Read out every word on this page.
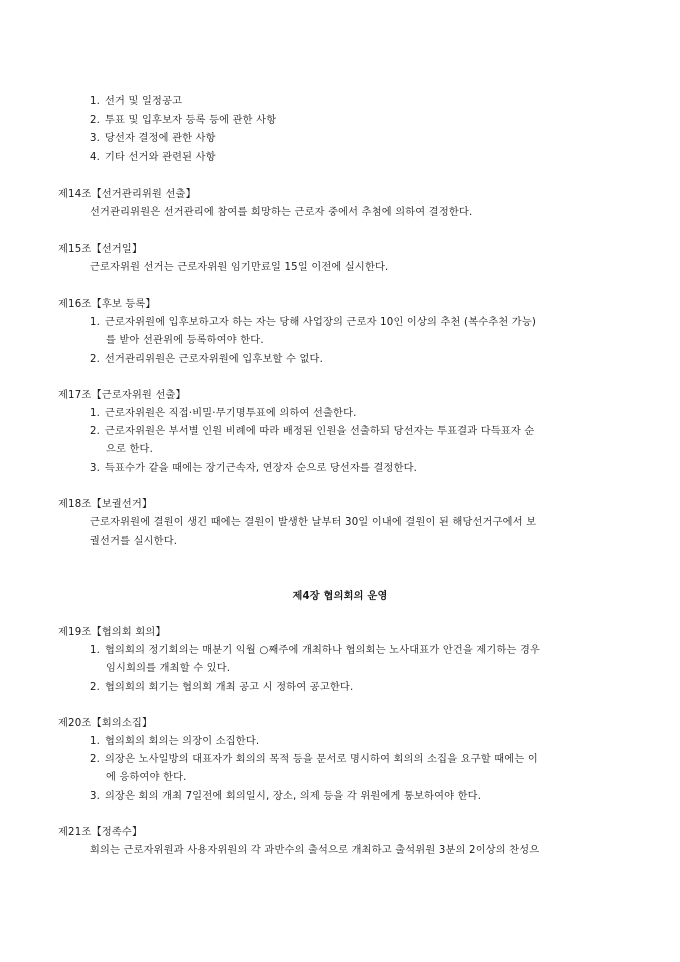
1. 선거 및 일정공고
2. 투표 및 입후보자 등록 등에 관한 사항
3. 당선자 결정에 관한 사항
4. 기타 선거와 관련된 사항
제14조【선거관리위원 선출】
선거관리위원은 선거관리에 참여를 희망하는 근로자 중에서 추첨에 의하여 결정한다.
제15조【선거일】
근로자위원 선거는 근로자위원 임기만료일 15일 이전에 실시한다.
제16조【후보 등록】
1. 근로자위원에 입후보하고자 하는 자는 당해 사업장의 근로자 10인 이상의 추천 (복수추천 가능)
를 받아 선관위에 등록하여야 한다.
2. 선거관리위원은 근로자위원에 입후보할 수 없다.
제17조【근로자위원 선출】
1. 근로자위원은 직접·비밀·무기명투표에 의하여 선출한다.
2. 근로자위원은 부서별 인원 비례에 따라 배정된 인원을 선출하되 당선자는 투표결과 다득표자 순
으로 한다.
3. 득표수가 같을 때에는 장기근속자, 연장자 순으로 당선자를 결정한다.
제18조【보궐선거】
근로자위원에 결원이 생긴 때에는 결원이 발생한 날부터 30일 이내에 결원이 된 해당선거구에서 보
궐선거를 실시한다.
제4장 협의회의 운영
제19조【협의회 회의】
1. 협의회의 정기회의는 매분기 익월 ○째주에 개최하나 협의회는 노사대표가 안건을 제기하는 경우
임시회의를 개최할 수 있다.
2. 협의회의 회기는 협의회 개최 공고 시 정하여 공고한다.
제20조【회의소집】
1. 협의회의 회의는 의장이 소집한다.
2. 의장은 노사일방의 대표자가 회의의 목적 등을 문서로 명시하여 회의의 소집을 요구할 때에는 이
에 응하여야 한다.
3. 의장은 회의 개최 7일전에 회의일시, 장소, 의제 등을 각 위원에게 통보하여야 한다.
제21조【정족수】
회의는 근로자위원과 사용자위원의 각 과반수의 출석으로 개최하고 출석위원 3분의 2이상의 찬성으
